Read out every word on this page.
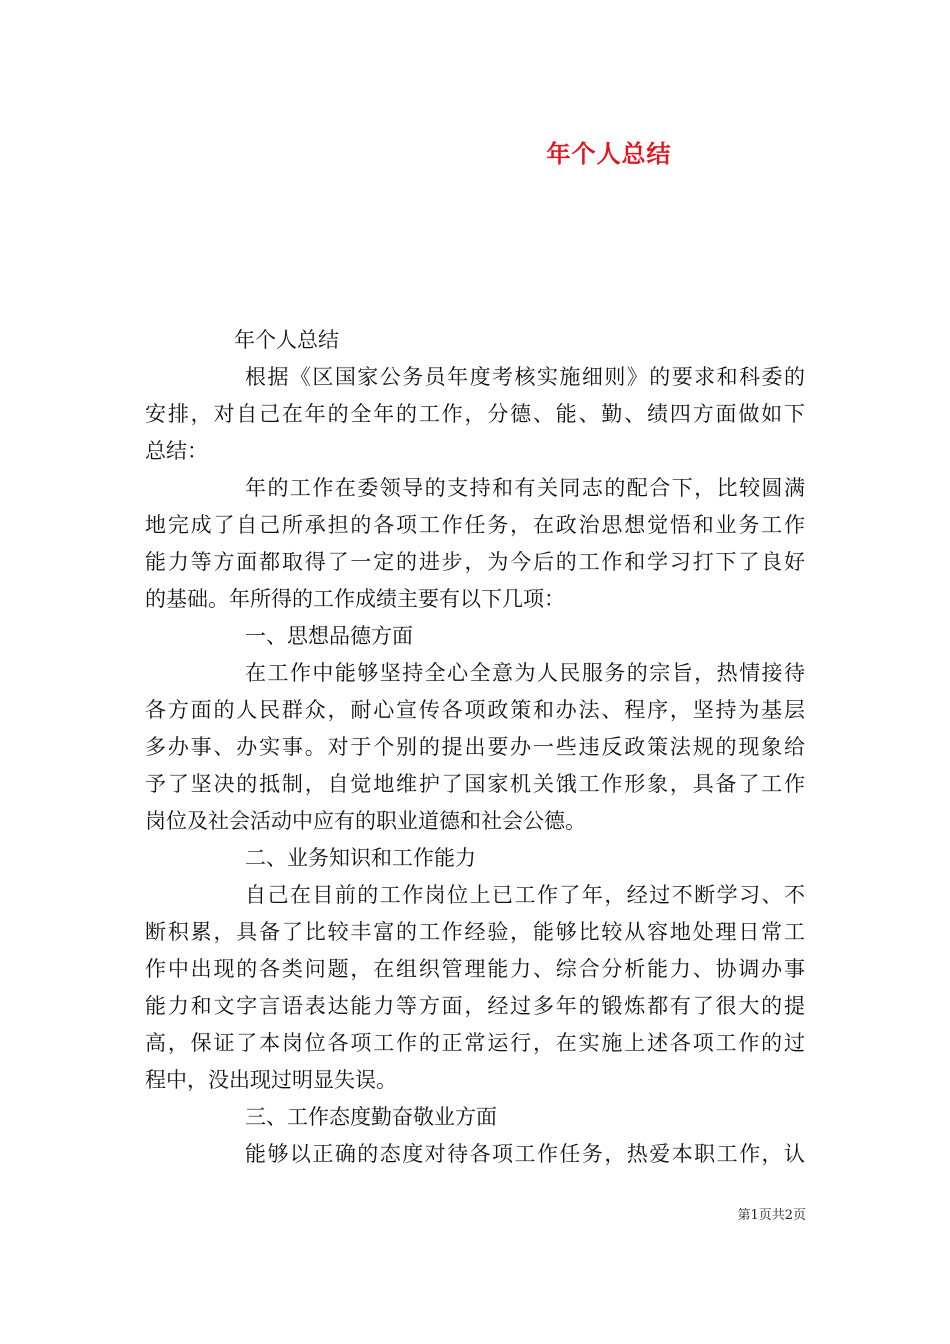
年个人总结
年个人总结
根据《区国家公务员年度考核实施细则》的要求和科委的
安排，对自己在年的全年的工作，分德、能、勤、绩四方面做如下
总结：
年的工作在委领导的支持和有关同志的配合下，比较圆满
地完成了自己所承担的各项工作任务，在政治思想觉悟和业务工作
能力等方面都取得了一定的进步，为今后的工作和学习打下了良好
的基础。年所得的工作成绩主要有以下几项：
一、思想品德方面
在工作中能够坚持全心全意为人民服务的宗旨，热情接待
各方面的人民群众，耐心宣传各项政策和办法、程序，坚持为基层
多办事、办实事。对于个别的提出要办一些违反政策法规的现象给
予了坚决的抵制，自觉地维护了国家机关饿工作形象，具备了工作
岗位及社会活动中应有的职业道德和社会公德。
二、业务知识和工作能力
自己在目前的工作岗位上已工作了年，经过不断学习、不
断积累，具备了比较丰富的工作经验，能够比较从容地处理日常工
作中出现的各类问题，在组织管理能力、综合分析能力、协调办事
能力和文字言语表达能力等方面，经过多年的锻炼都有了很大的提
高，保证了本岗位各项工作的正常运行，在实施上述各项工作的过
程中，没出现过明显失误。
三、工作态度勤奋敬业方面
能够以正确的态度对待各项工作任务，热爱本职工作，认
第1页共2页
